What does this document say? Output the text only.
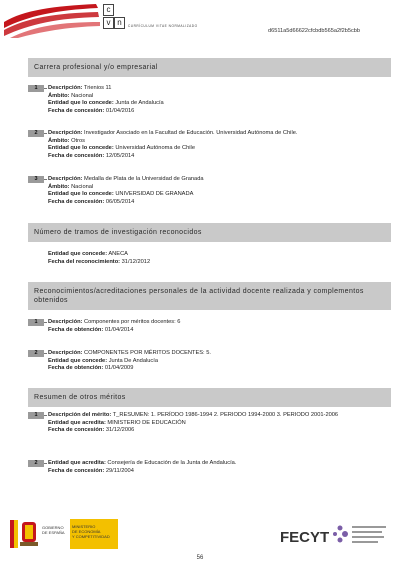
c
v n	CURRÍCULUM VITAE NORMALIZADO
d6511a5d66622cfcbdb565a2f2b5cbb
Carrera profesional y/o empresarial
1	Descripción: Trienios 11
Ámbito: Nacional
Entidad que lo concede: Junta de Andalucía
Fecha de concesión: 01/04/2016
2	Descripción: Investigador Asociado en la Facultad de Educación. Universidad Autónoma de Chile.
Ámbito: Otros
Entidad que lo concede: Universidad Autónoma de Chile
Fecha de concesión: 12/05/2014
3	Descripción: Medalla de Plata de la Universidad de Granada
Ámbito: Nacional
Entidad que lo concede: UNIVERSIDAD DE GRANADA
Fecha de concesión: 06/05/2014
Número de tramos de investigación reconocidos
Entidad que concede: ANECA
Fecha del reconocimiento: 31/12/2012
Reconocimientos/acreditaciones personales de la actividad docente realizada y complementos obtenidos
1	Descripción: Componentes por méritos docentes: 6
Fecha de obtención: 01/04/2014
2	Descripción: COMPONENTES POR MÉRITOS DOCENTES: 5.
Entidad que concede: Junta De Andalucía
Fecha de obtención: 01/04/2009
Resumen de otros méritos
1	Descripción del mérito: T_RESUMEN: 1. PERÍODO 1986-1994 2. PERIODO 1994-2000 3. PERIODO 2001-2006
Entidad que acredita: MINISTERIO DE EDUCACIÓN
Fecha de concesión: 31/12/2006
2	Entidad que acredita: Consejería de Educación de la Junta de Andalucía.
Fecha de concesión: 29/11/2004
GOBIERNO
DE ESPAÑA
MINISTERIO
DE ECONOMÍA
Y COMPETITIVIDAD	FECYT
56
